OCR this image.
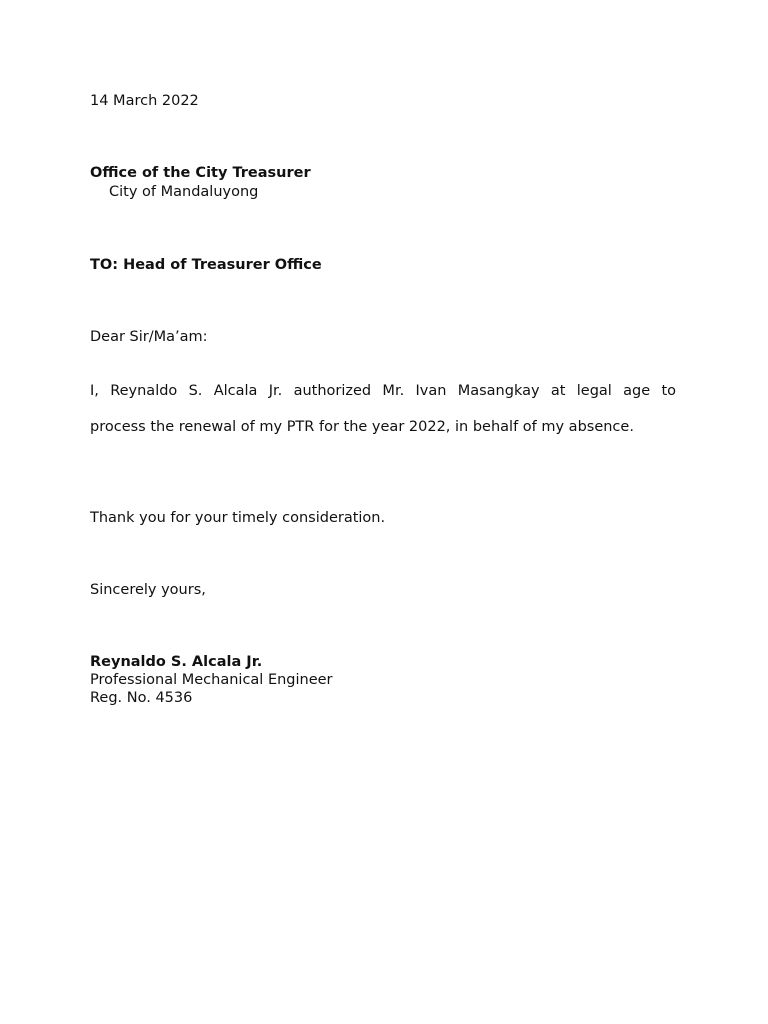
14 March 2022
Office of the City Treasurer
City of Mandaluyong
TO: Head of Treasurer Office
Dear Sir/Ma’am:
I, Reynaldo S. Alcala Jr. authorized Mr. Ivan Masangkay at legal age to
process the renewal of my PTR for the year 2022, in behalf of my absence.
Thank you for your timely consideration.
Sincerely yours,
Reynaldo S. Alcala Jr.
Professional Mechanical Engineer
Reg. No. 4536
